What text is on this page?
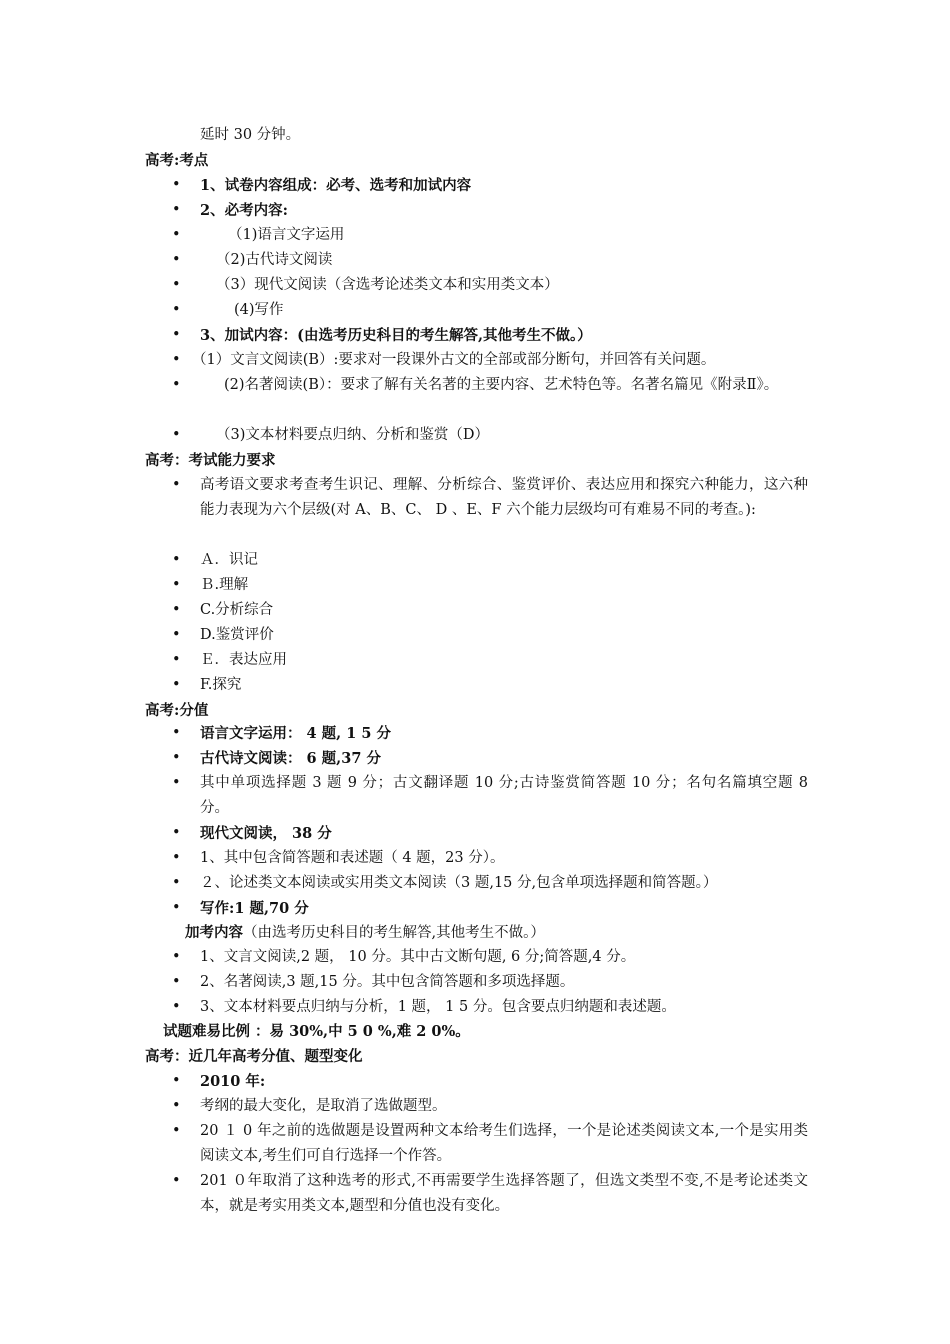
延时 30 分钟。
高考:考点
• 1、试卷内容组成：必考、选考和加试内容
• 2、必考内容:
•	（1)语言文字运用
• （2)古代诗文阅读
• （3）现代文阅读（含选考论述类文本和实用类文本）
•	(4)写作
• 3、加试内容：(由选考历史科目的考生解答,其他考生不做。）
• （1）文言文阅读(B）:要求对一段课外古文的全部或部分断句，并回答有关问题。
•	(2)名著阅读(B）：要求了解有关名著的主要内容、艺术特色等。名著名篇见《附录Ⅱ》。
• （3)文本材料要点归纳、分析和鉴赏（D）
高考：考试能力要求
• 高考语文要求考查考生识记、理解、分析综合、鉴赏评价、表达应用和探究六种能力，这六种能力表现为六个层级(对 A、B、C、 D 、E、F 六个能力层级均可有难易不同的考查。):
• Ａ．识记
• Ｂ.理解
• C.分析综合
• D.鉴赏评价
• Ｅ．表达应用
• F.探究
高考:分值
• 语言文字运用： 4 题, 1 5 分
• 古代诗文阅读： 6 题,37 分
• 其中单项选择题 3 题 9 分；古文翻译题 10 分;古诗鉴赏简答题 10 分；名句名篇填空题 8 分。
• 现代文阅读， 38 分
• 1、其中包含简答题和表述题（ 4 题，23 分）。
• ２、论述类文本阅读或实用类文本阅读（3 题,15 分,包含单项选择题和简答题。）
• 写作:1 题,70 分
加考内容（由选考历史科目的考生解答,其他考生不做。）
• 1、文言文阅读,2 题， 10 分。其中古文断句题, 6 分;简答题,4 分。
• 2、名著阅读,3 题,15 分。其中包含简答题和多项选择题。
• 3、文本材料要点归纳与分析，1 题， 1 5 分。包含要点归纳题和表述题。
试题难易比例 ：易 30%,中 5 0 %,难 2 0%。
高考：近几年高考分值、题型变化
• 2010 年:
• 考纲的最大变化，是取消了选做题型。
• 20 １ 0 年之前的选做题是设置两种文本给考生们选择，一个是论述类阅读文本,一个是实用类阅读文本,考生们可自行选择一个作答。
• 201 ０年取消了这种选考的形式,不再需要学生选择答题了，但选文类型不变,不是考论述类文本，就是考实用类文本,题型和分值也没有变化。
